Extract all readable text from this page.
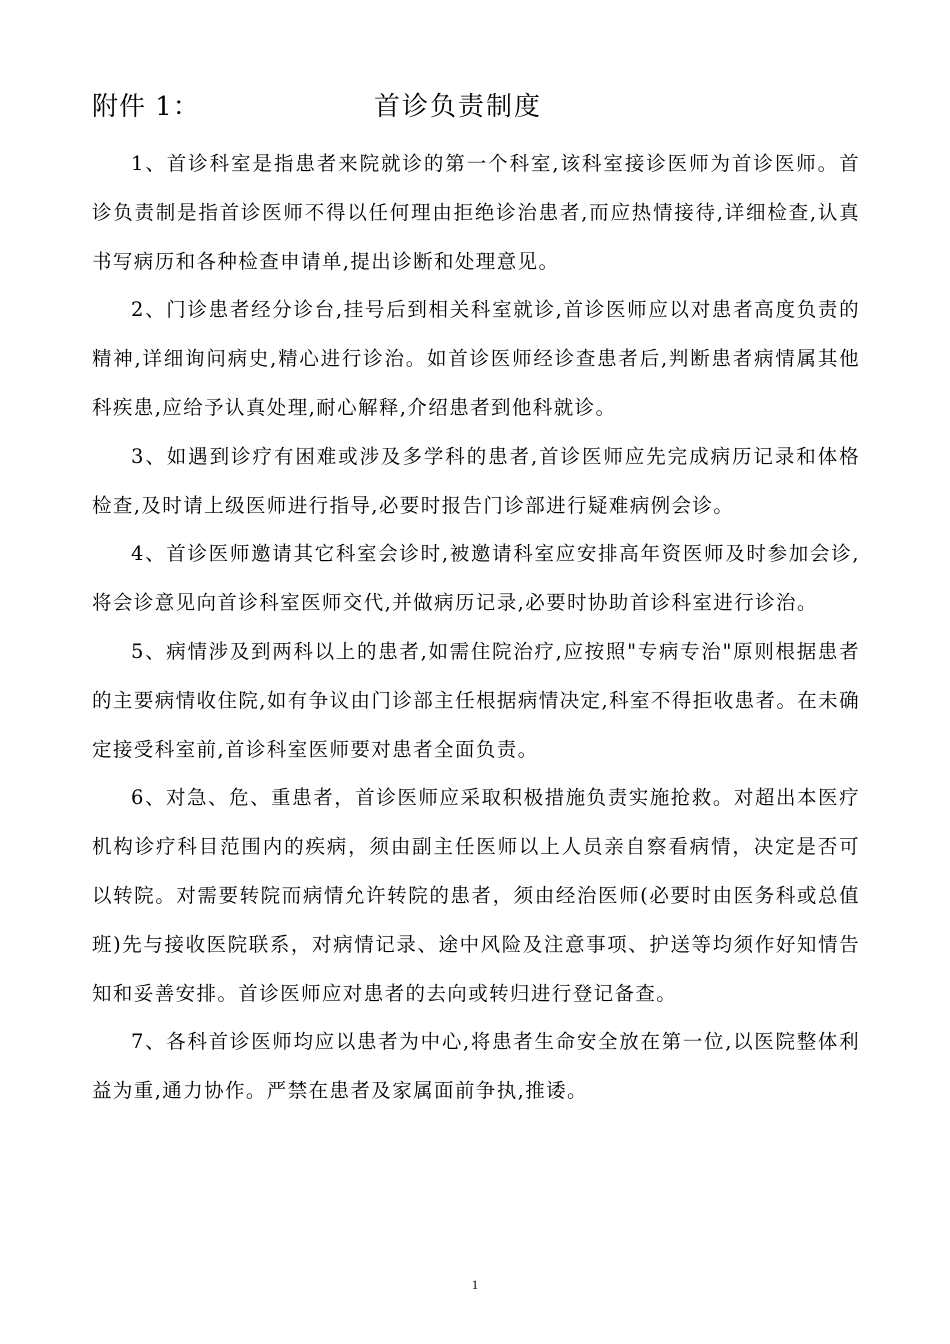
附件 1：	首诊负责制度

1、首诊科室是指患者来院就诊的第一个科室,该科室接诊医师为首诊医师。首诊负责制是指首诊医师不得以任何理由拒绝诊治患者,而应热情接待,详细检查,认真书写病历和各种检查申请单,提出诊断和处理意见。

2、门诊患者经分诊台,挂号后到相关科室就诊,首诊医师应以对患者高度负责的精神,详细询问病史,精心进行诊治。如首诊医师经诊查患者后,判断患者病情属其他科疾患,应给予认真处理,耐心解释,介绍患者到他科就诊。

3、如遇到诊疗有困难或涉及多学科的患者,首诊医师应先完成病历记录和体格检查,及时请上级医师进行指导,必要时报告门诊部进行疑难病例会诊。

4、首诊医师邀请其它科室会诊时,被邀请科室应安排高年资医师及时参加会诊,将会诊意见向首诊科室医师交代,并做病历记录,必要时协助首诊科室进行诊治。

5、病情涉及到两科以上的患者,如需住院治疗,应按照"专病专治"原则根据患者的主要病情收住院,如有争议由门诊部主任根据病情决定,科室不得拒收患者。在未确定接受科室前,首诊科室医师要对患者全面负责。

6、对急、危、重患者，首诊医师应采取积极措施负责实施抢救。对超出本医疗机构诊疗科目范围内的疾病，须由副主任医师以上人员亲自察看病情，决定是否可以转院。对需要转院而病情允许转院的患者，须由经治医师(必要时由医务科或总值班)先与接收医院联系，对病情记录、途中风险及注意事项、护送等均须作好知情告知和妥善安排。首诊医师应对患者的去向或转归进行登记备查。

7、各科首诊医师均应以患者为中心,将患者生命安全放在第一位,以医院整体利益为重,通力协作。严禁在患者及家属面前争执,推诿。

1
